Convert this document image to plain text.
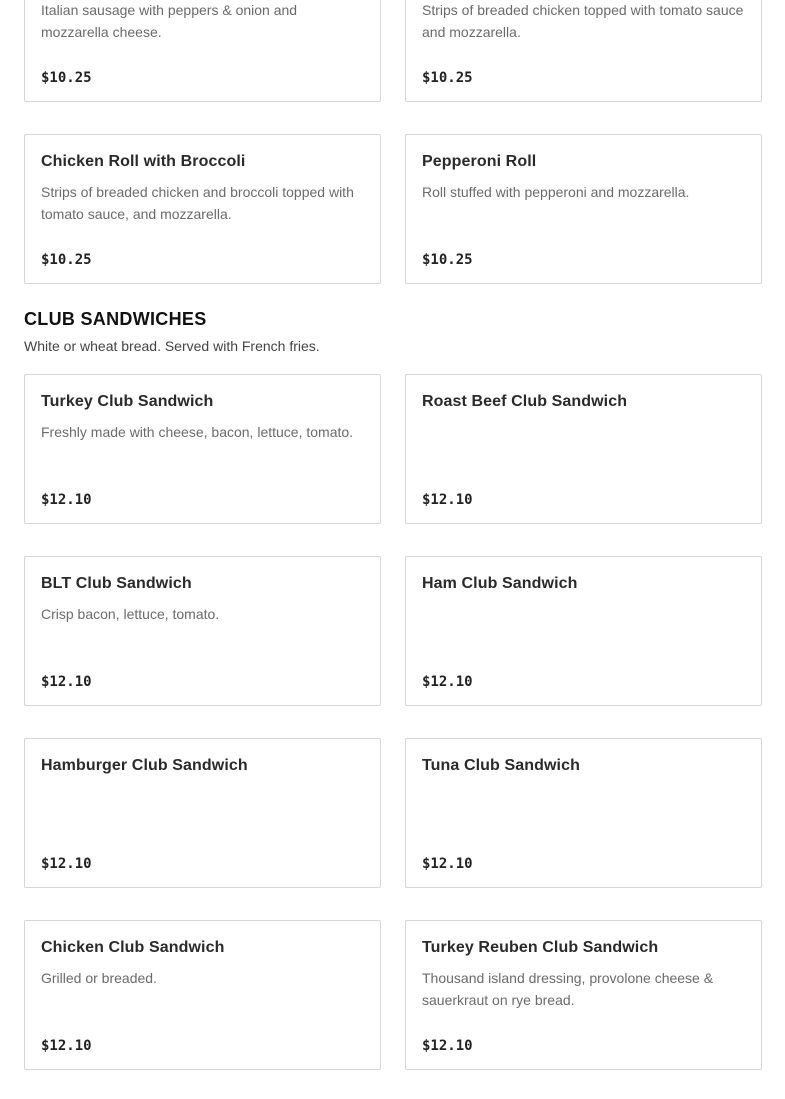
Italian sausage with peppers & onion and mozzarella cheese.
$10.25
Strips of breaded chicken topped with tomato sauce and mozzarella.
$10.25
Chicken Roll with Broccoli
Strips of breaded chicken and broccoli topped with tomato sauce, and mozzarella.
$10.25
Pepperoni Roll
Roll stuffed with pepperoni and mozzarella.
$10.25
CLUB SANDWICHES
White or wheat bread. Served with French fries.
Turkey Club Sandwich
Freshly made with cheese, bacon, lettuce, tomato.
$12.10
Roast Beef Club Sandwich
$12.10
BLT Club Sandwich
Crisp bacon, lettuce, tomato.
$12.10
Ham Club Sandwich
$12.10
Hamburger Club Sandwich
$12.10
Tuna Club Sandwich
$12.10
Chicken Club Sandwich
Grilled or breaded.
$12.10
Turkey Reuben Club Sandwich
Thousand island dressing, provolone cheese & sauerkraut on rye bread.
$12.10
